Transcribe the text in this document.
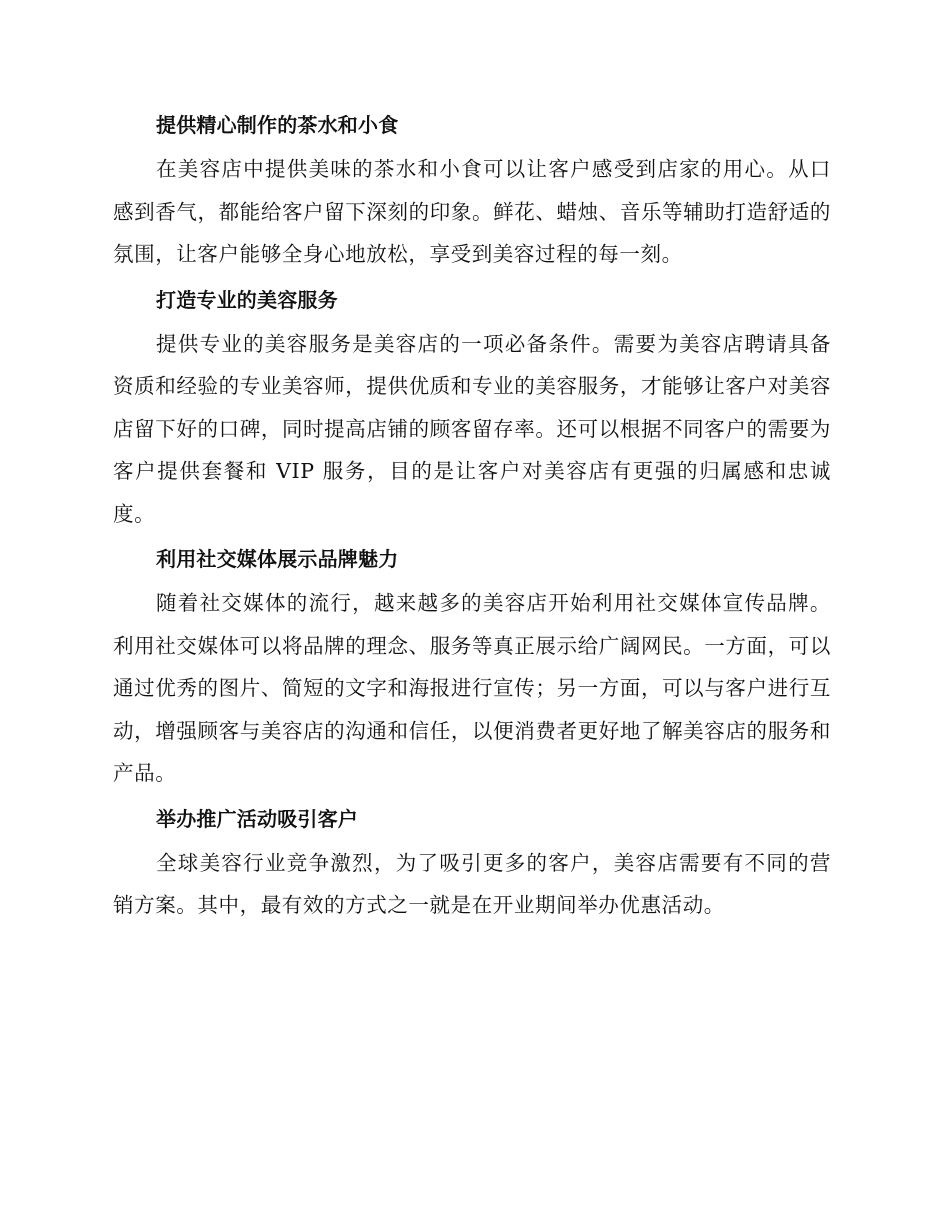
提供精心制作的茶水和小食

在美容店中提供美味的茶水和小食可以让客户感受到店家的用心。从口感到香气，都能给客户留下深刻的印象。鲜花、蜡烛、音乐等辅助打造舒适的氛围，让客户能够全身心地放松，享受到美容过程的每一刻。

打造专业的美容服务

提供专业的美容服务是美容店的一项必备条件。需要为美容店聘请具备资质和经验的专业美容师，提供优质和专业的美容服务，才能够让客户对美容店留下好的口碑，同时提高店铺的顾客留存率。还可以根据不同客户的需要为客户提供套餐和 VIP 服务，目的是让客户对美容店有更强的归属感和忠诚度。

利用社交媒体展示品牌魅力

随着社交媒体的流行，越来越多的美容店开始利用社交媒体宣传品牌。利用社交媒体可以将品牌的理念、服务等真正展示给广阔网民。一方面，可以通过优秀的图片、简短的文字和海报进行宣传；另一方面，可以与客户进行互动，增强顾客与美容店的沟通和信任，以便消费者更好地了解美容店的服务和产品。

举办推广活动吸引客户

全球美容行业竞争激烈，为了吸引更多的客户，美容店需要有不同的营销方案。其中，最有效的方式之一就是在开业期间举办优惠活动。
